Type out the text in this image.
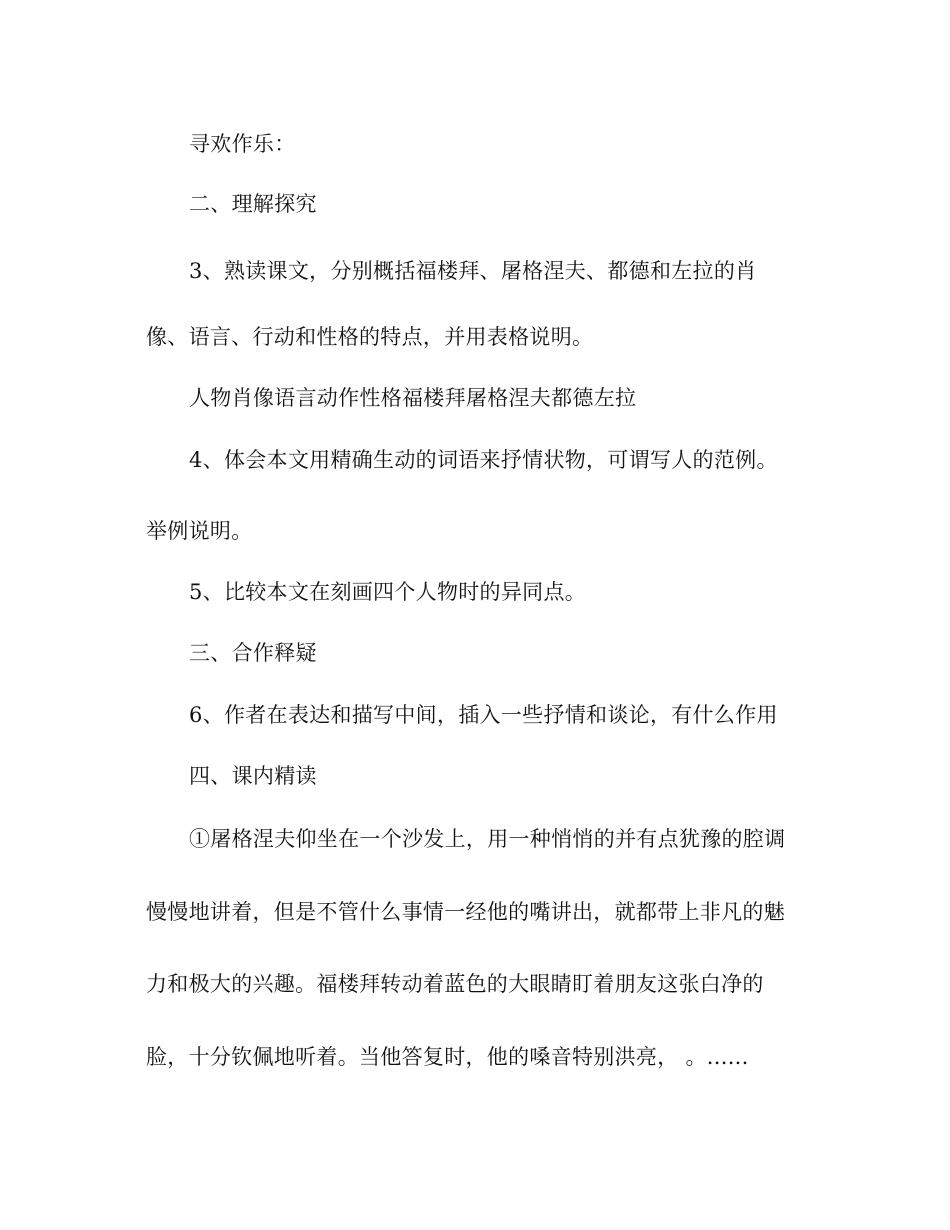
寻欢作乐：
二、理解探究
3、熟读课文，分别概括福楼拜、屠格涅夫、都德和左拉的肖
像、语言、行动和性格的特点，并用表格说明。
人物肖像语言动作性格福楼拜屠格涅夫都德左拉
4、体会本文用精确生动的词语来抒情状物，可谓写人的范例。
举例说明。
5、比较本文在刻画四个人物时的异同点。
三、合作释疑
6、作者在表达和描写中间，插入一些抒情和谈论，有什么作用
四、课内精读
①屠格涅夫仰坐在一个沙发上，用一种悄悄的并有点犹豫的腔调
慢慢地讲着，但是不管什么事情一经他的嘴讲出，就都带上非凡的魅
力和极大的兴趣。福楼拜转动着蓝色的大眼睛盯着朋友这张白净的
脸，十分钦佩地听着。当他答复时，他的嗓音特别洪亮， 。......
